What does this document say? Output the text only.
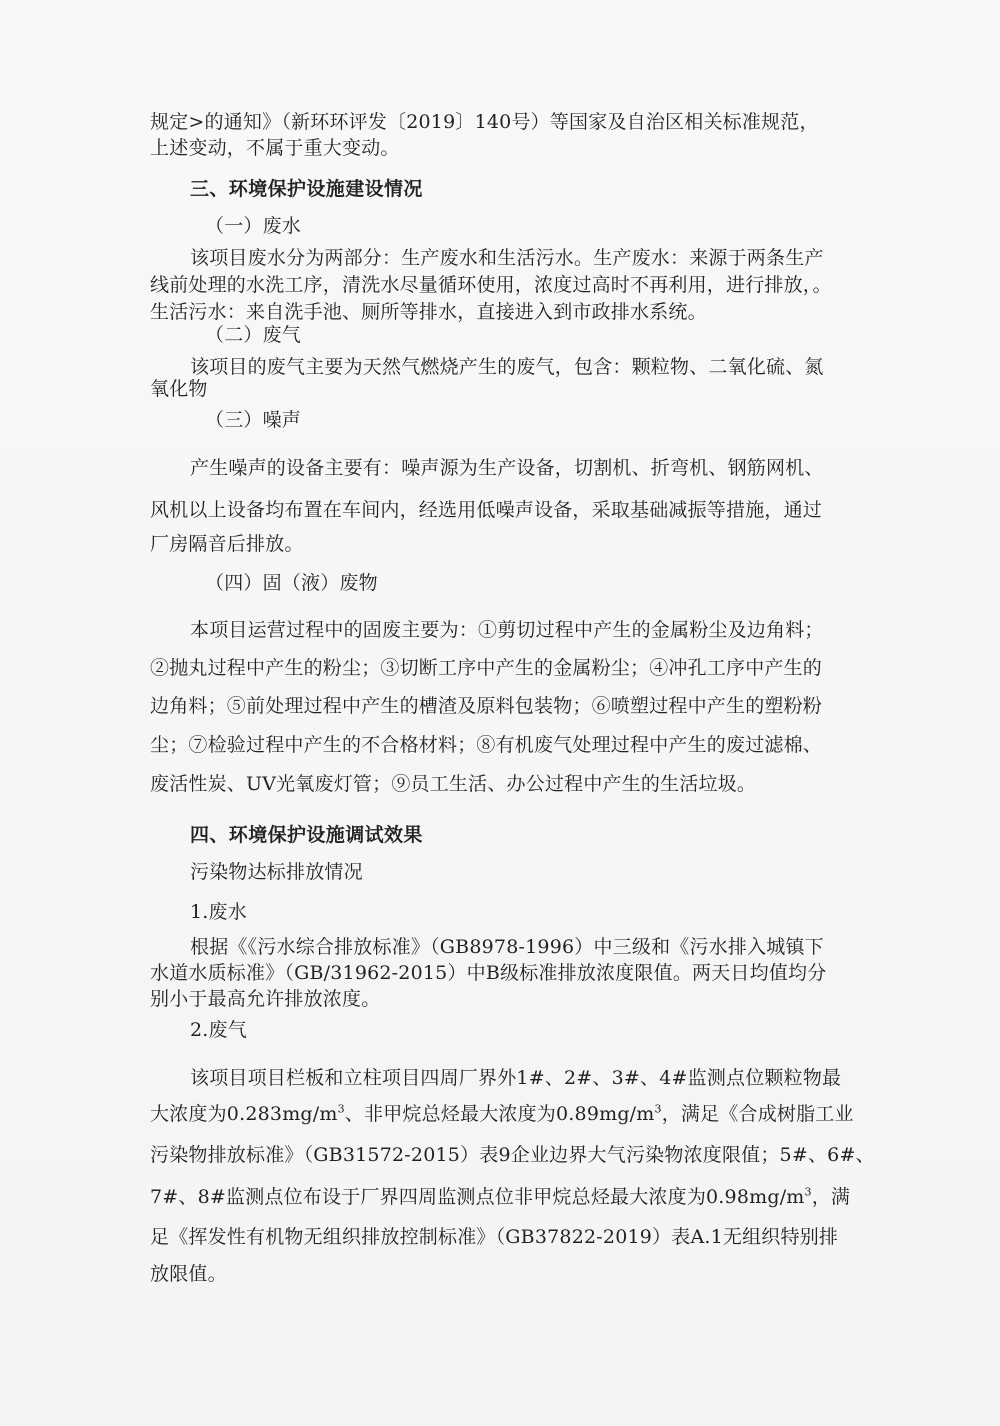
规定>的通知》（新环环评发〔2019〕140号）等国家及自治区相关标准规范，
上述变动，不属于重大变动。
三、环境保护设施建设情况
（一）废水
该项目废水分为两部分：生产废水和生活污水。生产废水：来源于两条生产
线前处理的水洗工序，清洗水尽量循环使用，浓度过高时不再利用，进行排放，。
生活污水：来自洗手池、厕所等排水，直接进入到市政排水系统。
（二）废气
该项目的废气主要为天然气燃烧产生的废气，包含：颗粒物、二氧化硫、氮
氧化物
（三）噪声
产生噪声的设备主要有：噪声源为生产设备，切割机、折弯机、钢筋网机、
风机以上设备均布置在车间内，经选用低噪声设备，采取基础减振等措施，通过
厂房隔音后排放。
（四）固（液）废物
本项目运营过程中的固废主要为：①剪切过程中产生的金属粉尘及边角料；
②抛丸过程中产生的粉尘；③切断工序中产生的金属粉尘；④冲孔工序中产生的
边角料；⑤前处理过程中产生的槽渣及原料包装物；⑥喷塑过程中产生的塑粉粉
尘；⑦检验过程中产生的不合格材料；⑧有机废气处理过程中产生的废过滤棉、
废活性炭、UV光氧废灯管；⑨员工生活、办公过程中产生的生活垃圾。
四、环境保护设施调试效果
污染物达标排放情况
1.废水
根据《《污水综合排放标准》（GB8978-1996）中三级和《污水排入城镇下
水道水质标准》（GB/31962-2015）中B级标准排放浓度限值。两天日均值均分
别小于最高允许排放浓度。
2.废气
该项目项目栏板和立柱项目四周厂界外1#、2#、3#、4#监测点位颗粒物最
大浓度为$0.283mg/m^3$、非甲烷总烃最大浓度为$0.89mg/m^3$，满足《合成树脂工业
污染物排放标准》（GB31572-2015）表9企业边界大气污染物浓度限值；5#、6#、
7#、8#监测点位布设于厂界四周监测点位非甲烷总烃最大浓度为$0.98mg/m^3$，满
足《挥发性有机物无组织排放控制标准》（GB37822-2019）表A.1无组织特别排
放限值。
